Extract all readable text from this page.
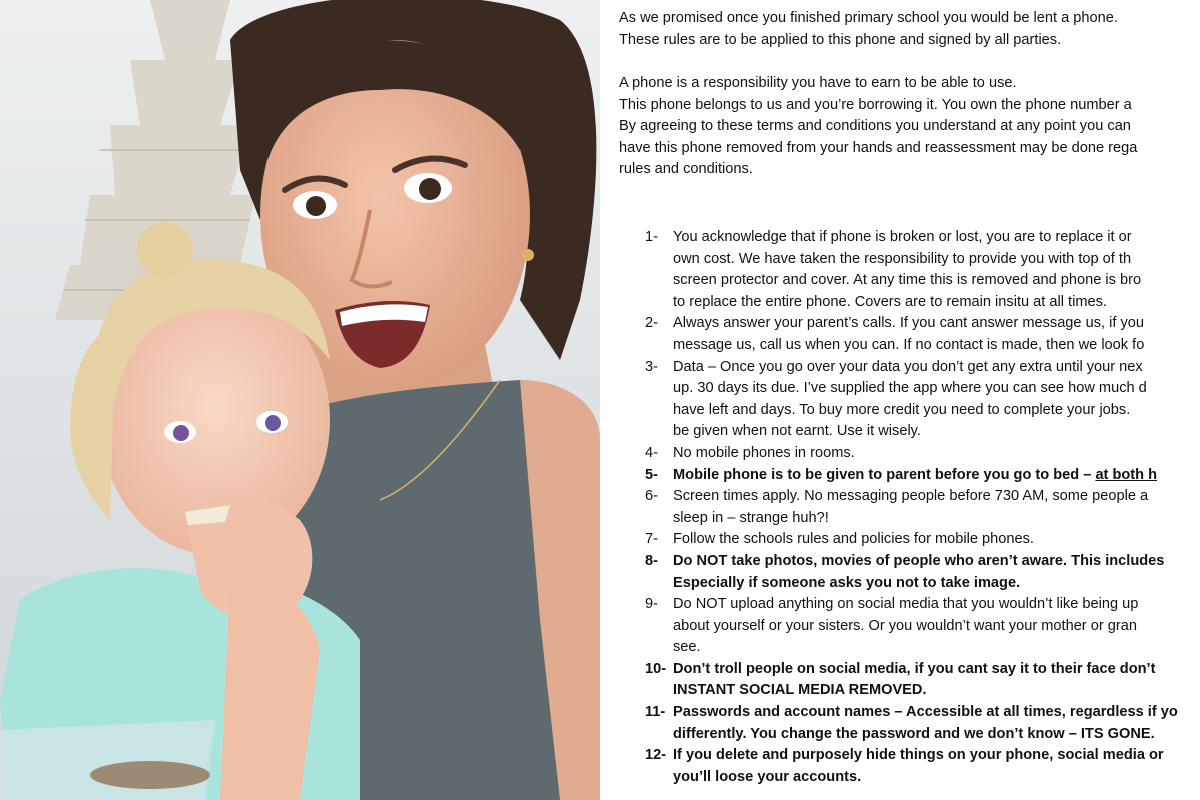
As we promised once you finished primary school you would be lent a phone.

These rules are to be applied to this phone and signed by all parties.

A phone is a responsibility you have to earn to be able to use.

This phone belongs to us and you’re borrowing it. You own the phone number a

By agreeing to these terms and conditions you understand at any point you can

have this phone removed from your hands and reassessment may be done rega

rules and conditions.

1- You acknowledge that if phone is broken or lost, you are to replace it or
own cost. We have taken the responsibility to provide you with top of th
screen protector and cover. At any time this is removed and phone is bro
to replace the entire phone. Covers are to remain insitu at all times.
2- Always answer your parent’s calls. If you cant answer message us, if you
message us, call us when you can. If no contact is made, then we look fo
3- Data – Once you go over your data you don’t get any extra until your nex
up. 30 days its due. I’ve supplied the app where you can see how much d
have left and days. To buy more credit you need to complete your jobs.
be given when not earnt. Use it wisely.
4- No mobile phones in rooms.
5- Mobile phone is to be given to parent before you go to bed – at both h
6- Screen times apply. No messaging people before 730 AM, some people a
sleep in – strange huh?!
7- Follow the schools rules and policies for mobile phones.
8- Do NOT take photos, movies of people who aren’t aware. This includes
Especially if someone asks you not to take image.
9- Do NOT upload anything on social media that you wouldn’t like being up
about yourself or your sisters. Or you wouldn’t want your mother or gran
see.
10- Don’t troll people on social media, if you cant say it to their face don’t
INSTANT SOCIAL MEDIA REMOVED.
11- Passwords and account names – Accessible at all times, regardless if yo
differently. You change the password and we don’t know – ITS GONE.
12- If you delete and purposely hide things on your phone, social media or
you’ll loose your accounts.
